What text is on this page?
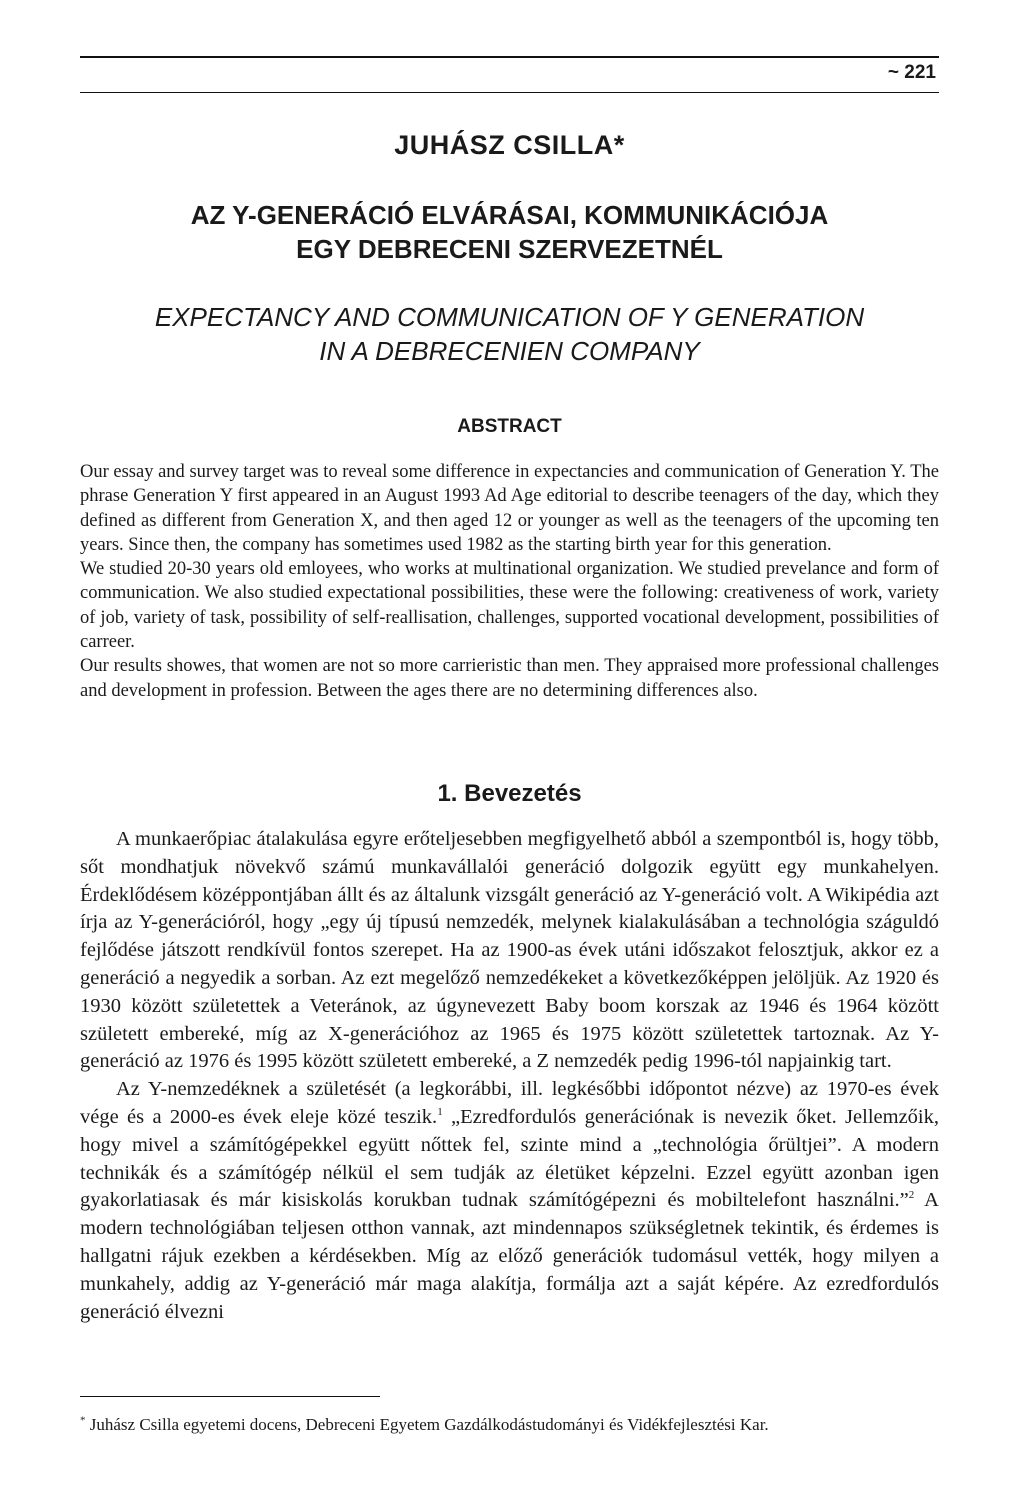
~ 221
JUHÁSZ CSILLA*
AZ Y-GENERÁCIÓ ELVÁRÁSAI, KOMMUNIKÁCIÓJA
EGY DEBRECENI SZERVEZETNÉL
EXPECTANCY AND COMMUNICATION OF Y GENERATION
IN A DEBRECENIEN COMPANY
ABSTRACT

Our essay and survey target was to reveal some difference in expectancies and communication of Generation Y. The phrase Generation Y first appeared in an August 1993 Ad Age editorial to describe teenagers of the day, which they defined as different from Generation X, and then aged 12 or younger as well as the teenagers of the upcoming ten years. Since then, the company has sometimes used 1982 as the starting birth year for this generation.

We studied 20-30 years old emloyees, who works at multinational organization. We studied prevelance and form of communication. We also studied expectational possibilities, these were the following: creativeness of work, variety of job, variety of task, possibility of self-reallisation, challenges, supported vocational development, possibilities of carreer.

Our results showes, that women are not so more carrieristic than men. They appraised more professional challenges and development in profession. Between the ages there are no determining differences also.

1. Bevezetés

A munkaerőpiac átalakulása egyre erőteljesebben megfigyelhető abból a szempontból is, hogy több, sőt mondhatjuk növekvő számú munkavállalói generáció dolgozik együtt egy munkahelyen. Érdeklődésem középpontjában állt és az általunk vizsgált generáció az Y-generáció volt. A Wikipédia azt írja az Y-generációról, hogy „egy új típusú nemzedék, melynek kialakulásában a technológia száguldó fejlődése játszott rendkívül fontos szerepet. Ha az 1900-as évek utáni időszakot felosztjuk, akkor ez a generáció a negyedik a sorban. Az ezt megelőző nemzedékeket a következőképpen jelöljük. Az 1920 és 1930 között születettek a Veteránok, az úgynevezett Baby boom korszak az 1946 és 1964 között született embereké, míg az X-generációhoz az 1965 és 1975 között születettek tartoznak. Az Y-generáció az 1976 és 1995 között született embereké, a Z nemzedék pedig 1996-tól napjainkig tart.

Az Y-nemzedéknek a születését (a legkorábbi, ill. legkésőbbi időpontot nézve) az 1970-es évek vége és a 2000-es évek eleje közé teszik.$^1$ „Ezredfordulós generációnak is nevezik őket. Jellemzőik, hogy mivel a számítógépekkel együtt nőttek fel, szinte mind a „technológia őrültjei”. A modern technikák és a számítógép nélkül el sem tudják az életüket képzelni. Ezzel együtt azonban igen gyakorlatiasak és már kisiskolás korukban tudnak számítógépezni és mobiltelefont használni.”$^2$ A modern technológiában teljesen otthon vannak, azt mindennapos szükségletnek tekintik, és érdemes is hallgatni rájuk ezekben a kérdésekben. Míg az előző generációk tudomásul vették, hogy milyen a munkahely, addig az Y-generáció már maga alakítja, formálja azt a saját képére. Az ezredfordulós generáció élvezni

* Juhász Csilla egyetemi docens, Debreceni Egyetem Gazdálkodástudományi és Vidékfejlesztési Kar.
